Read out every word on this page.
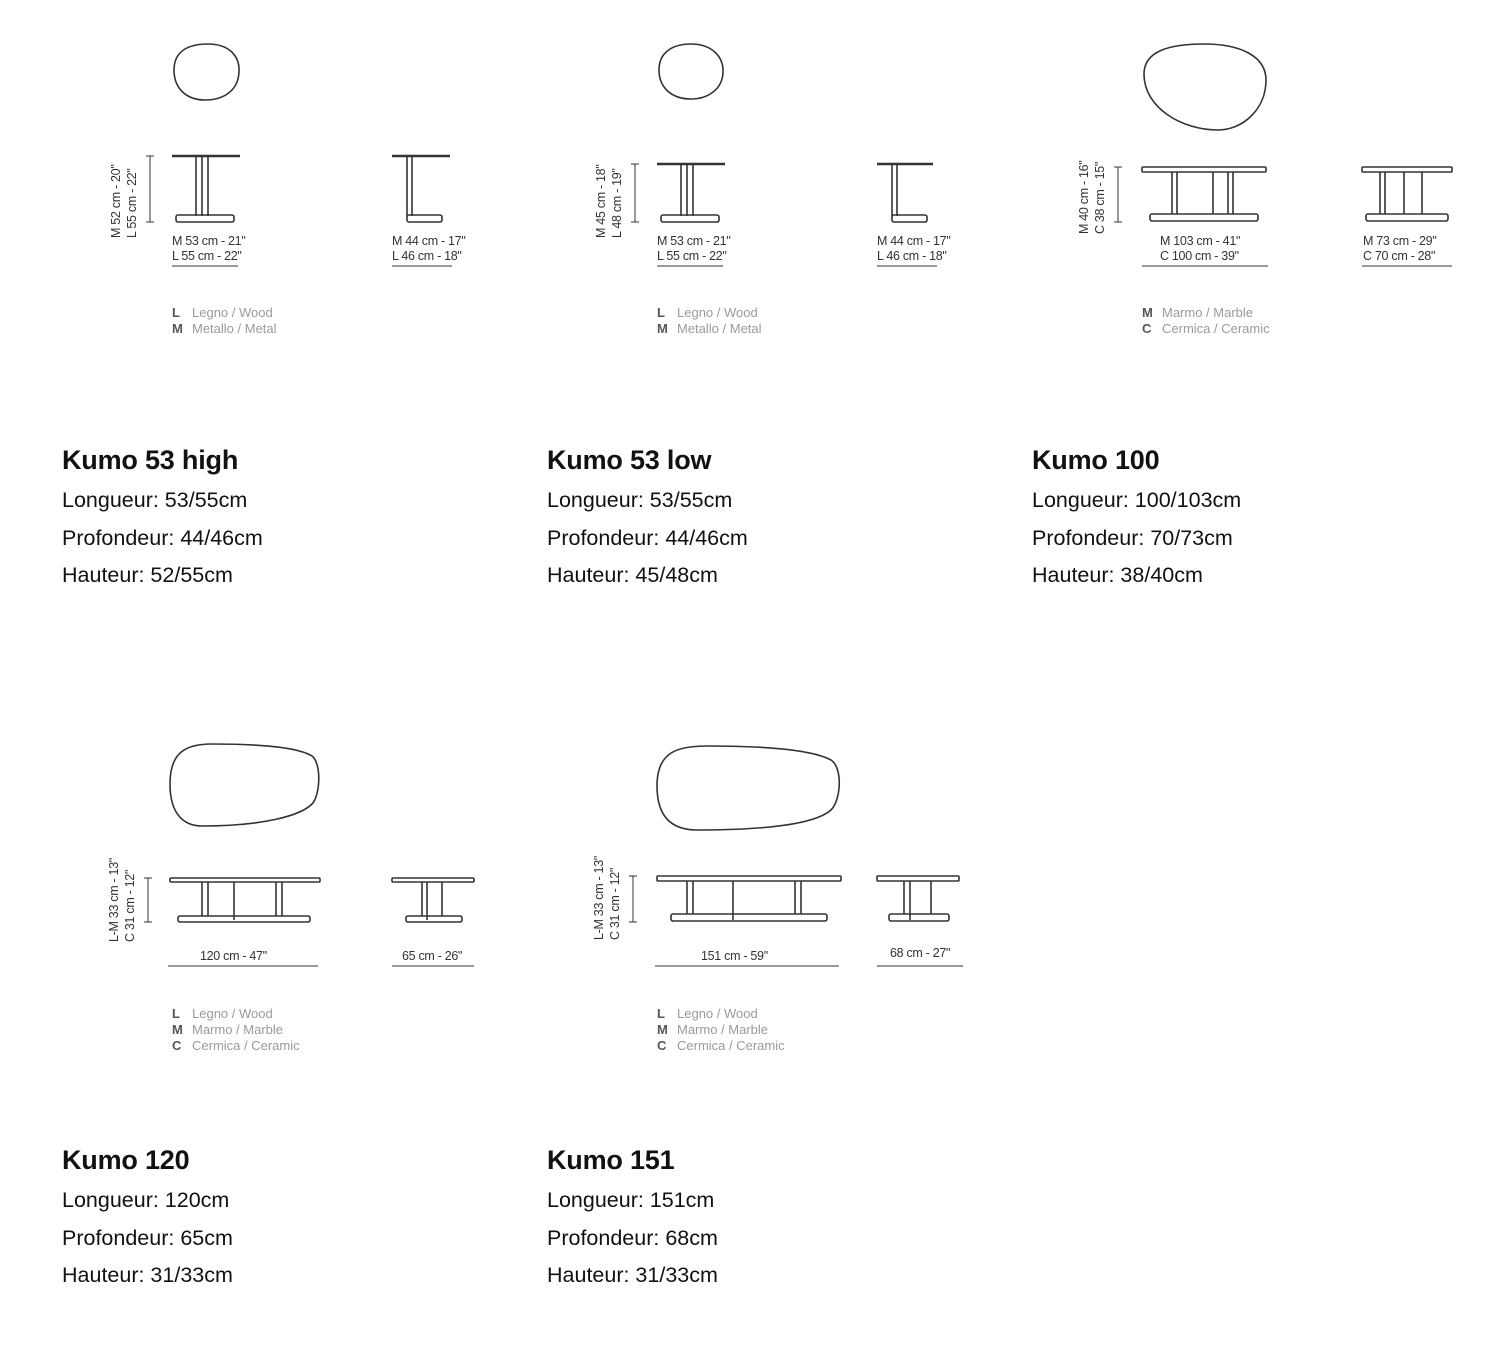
M 52 cm - 20" L 55 cm - 22"
M 53 cm - 21"
L 55 cm - 22"
M 44 cm - 17"
L 46 cm - 18"
L Legno / Wood
M Metallo / Metal
Kumo 53 high

Longueur: 53/55cm

Profondeur: 44/46cm

Hauteur: 52/55cm

M 45 cm - 18" L 48 cm - 19"
M 53 cm - 21"
L 55 cm - 22"
M 44 cm - 17"
L 46 cm - 18"
L Legno / Wood
M Metallo / Metal
Kumo 53 low

Longueur: 53/55cm

Profondeur: 44/46cm

Hauteur: 45/48cm

M 40 cm - 16" C 38 cm - 15"
M 103 cm - 41"
C 100 cm - 39"
M 73 cm - 29"
C 70 cm - 28"
M Marmo / Marble
C Cermica / Ceramic
Kumo 100

Longueur: 100/103cm

Profondeur: 70/73cm

Hauteur: 38/40cm

L-M 33 cm - 13" C 31 cm - 12"
120 cm - 47"	65 cm - 26"
L Legno / Wood
M Marmo / Marble
C Cermica / Ceramic
Kumo 120

Longueur: 120cm

Profondeur: 65cm

Hauteur: 31/33cm

L-M 33 cm - 13" C 31 cm - 12"
151 cm - 59"	68 cm - 27"
L Legno / Wood
M Marmo / Marble
C Cermica / Ceramic
Kumo 151

Longueur: 151cm

Profondeur: 68cm

Hauteur: 31/33cm
